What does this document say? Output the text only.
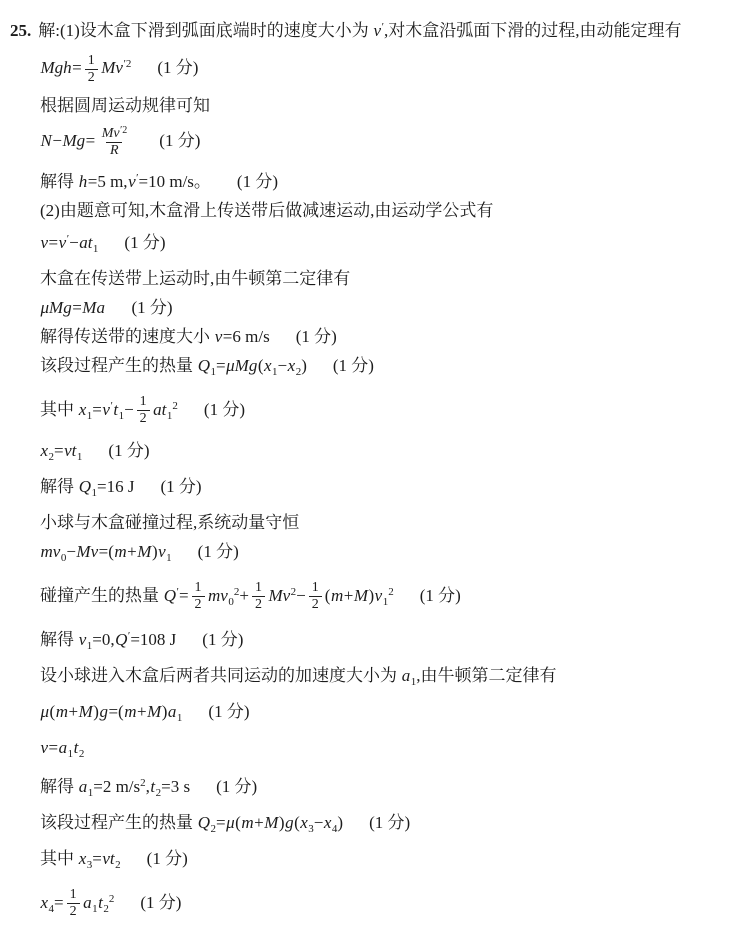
25. 解:(1)设木盒下滑到弧面底端时的速度大小为 v′,对木盒沿弧面下滑的过程,由动能定理有
$Mgh= \frac{1}{2} Mv^{'2}$ (1 分)
根据圆周运动规律可知
$N-Mg= \frac{Mv^{'2}}{R} (1$ 分)
解得 h=5 m,v′=10 m/s。 (1 分)
(2)由题意可知,木盒滑上传送带后做减速运动,由运动学公式有
$v=v'-at_1$ (1 分)
木盒在传送带上运动时,由牛顿第二定律有
μMg=Ma (1 分)
解得传送带的速度大小 v=6 m/s (1 分)
该段过程产生的热量 $Q_1=\mu Mg(x_1-x_2)$ (1 分)
其中 $x_1=v't_1- \frac{1}{2} at_1^2$ (1 分)
$x_2=vt_1$ (1 分)
解得 $Q_1=16$ J (1 分)
小球与木盒碰撞过程,系统动量守恒
$mv_0-Mv=(m+M)v_1$ (1 分)
碰撞产生的热量 $Q'= \frac{1}{2} mv_0^2+ \frac{1}{2} Mv^2- \frac{1}{2} (m+M)v_1^2$ (1 分)
解得 $v_1=0,Q'=108$ J (1 分)
设小球进入木盒后两者共同运动的加速度大小为 $a_1$,由牛顿第二定律有
$\mu(m+M)g=(m+M)a_1$ (1 分)
$v=a_1t_2$
解得 $a_1=2$ $m/s^2,t_2=3$ s (1 分)
该段过程产生的热量 $Q_2=\mu(m+M)g(x_3-x_4)$ (1 分)
其中 $x_3=vt_2$ (1 分)
$x_4= \frac{1}{2} a_1t_2^2$ (1 分)
